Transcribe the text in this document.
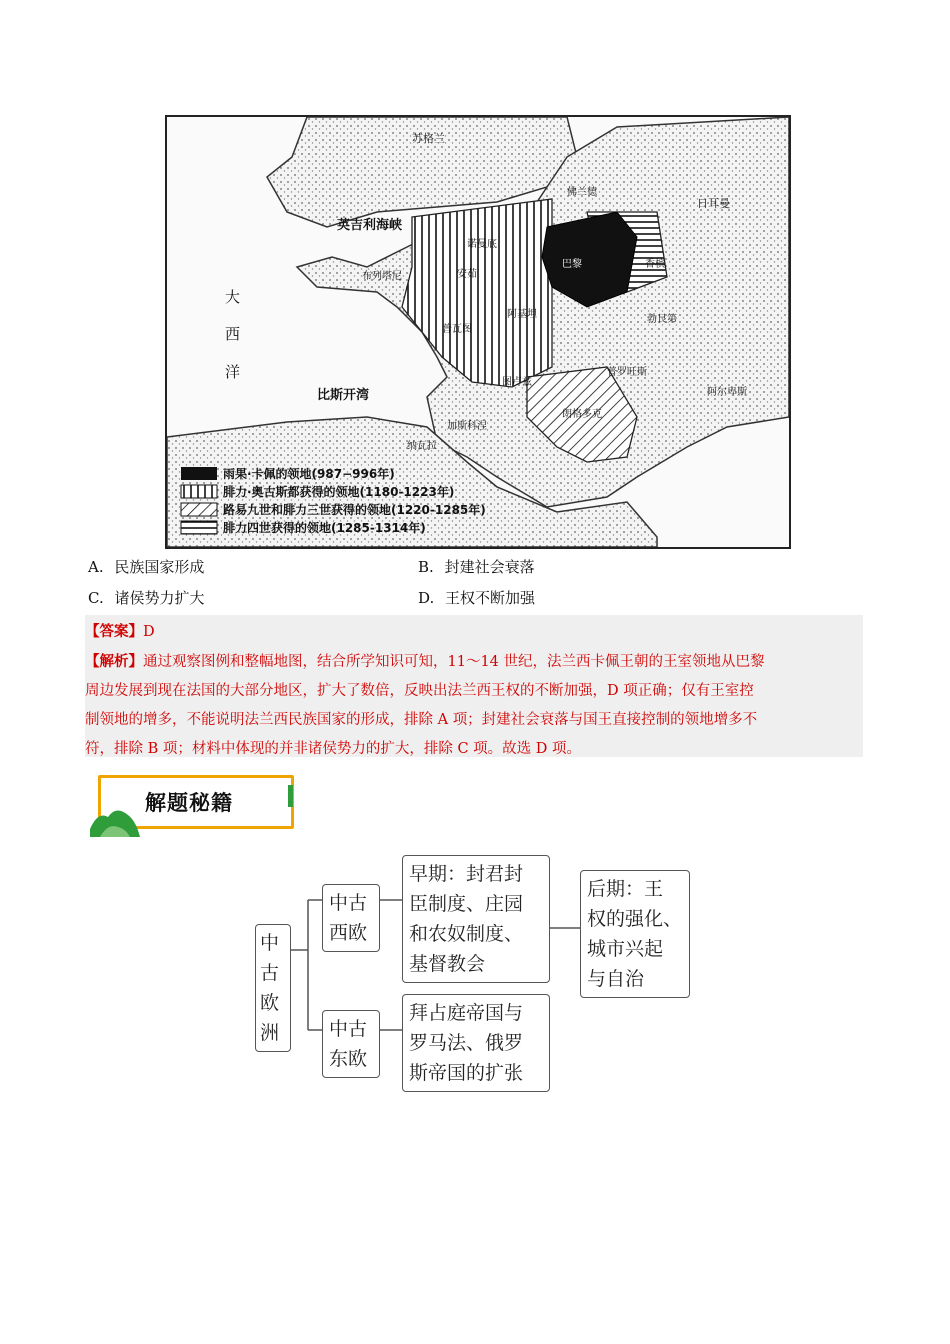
苏格兰
英吉利海峡
大
西
洋
比斯开湾
日耳曼
佛兰德
诺曼底
布列塔尼	安茹
普瓦图
阿基坦
香槟
勃艮第
图卢兹
普罗旺斯
阿尔卑斯
加斯科涅
纳瓦拉
朗格多克
巴黎
雨果·卡佩的领地(987−996年)
腓力·奥古斯都获得的领地(1180-1223年)
路易九世和腓力三世获得的领地(1220-1285年)
腓力四世获得的领地(1285-1314年)
A. 民族国家形成	B. 封建社会衰落
C. 诸侯势力扩大	D. 王权不断加强
【答案】D
【解析】通过观察图例和整幅地图，结合所学知识可知，11～14 世纪，法兰西卡佩王朝的王室领地从巴黎
周边发展到现在法国的大部分地区，扩大了数倍，反映出法兰西王权的不断加强，D 项正确；仅有王室控
制领地的增多，不能说明法兰西民族国家的形成，排除 A 项；封建社会衰落与国王直接控制的领地增多不
符，排除 B 项；材料中体现的并非诸侯势力的扩大，排除 C 项。故选 D 项。
解题秘籍
中古
欧洲
中古
西欧
中古
东欧
早期：封君封
臣制度、庄园
和农奴制度、
基督教会
后期：王
权的强化、
城市兴起
与自治
拜占庭帝国与
罗马法、俄罗
斯帝国的扩张
